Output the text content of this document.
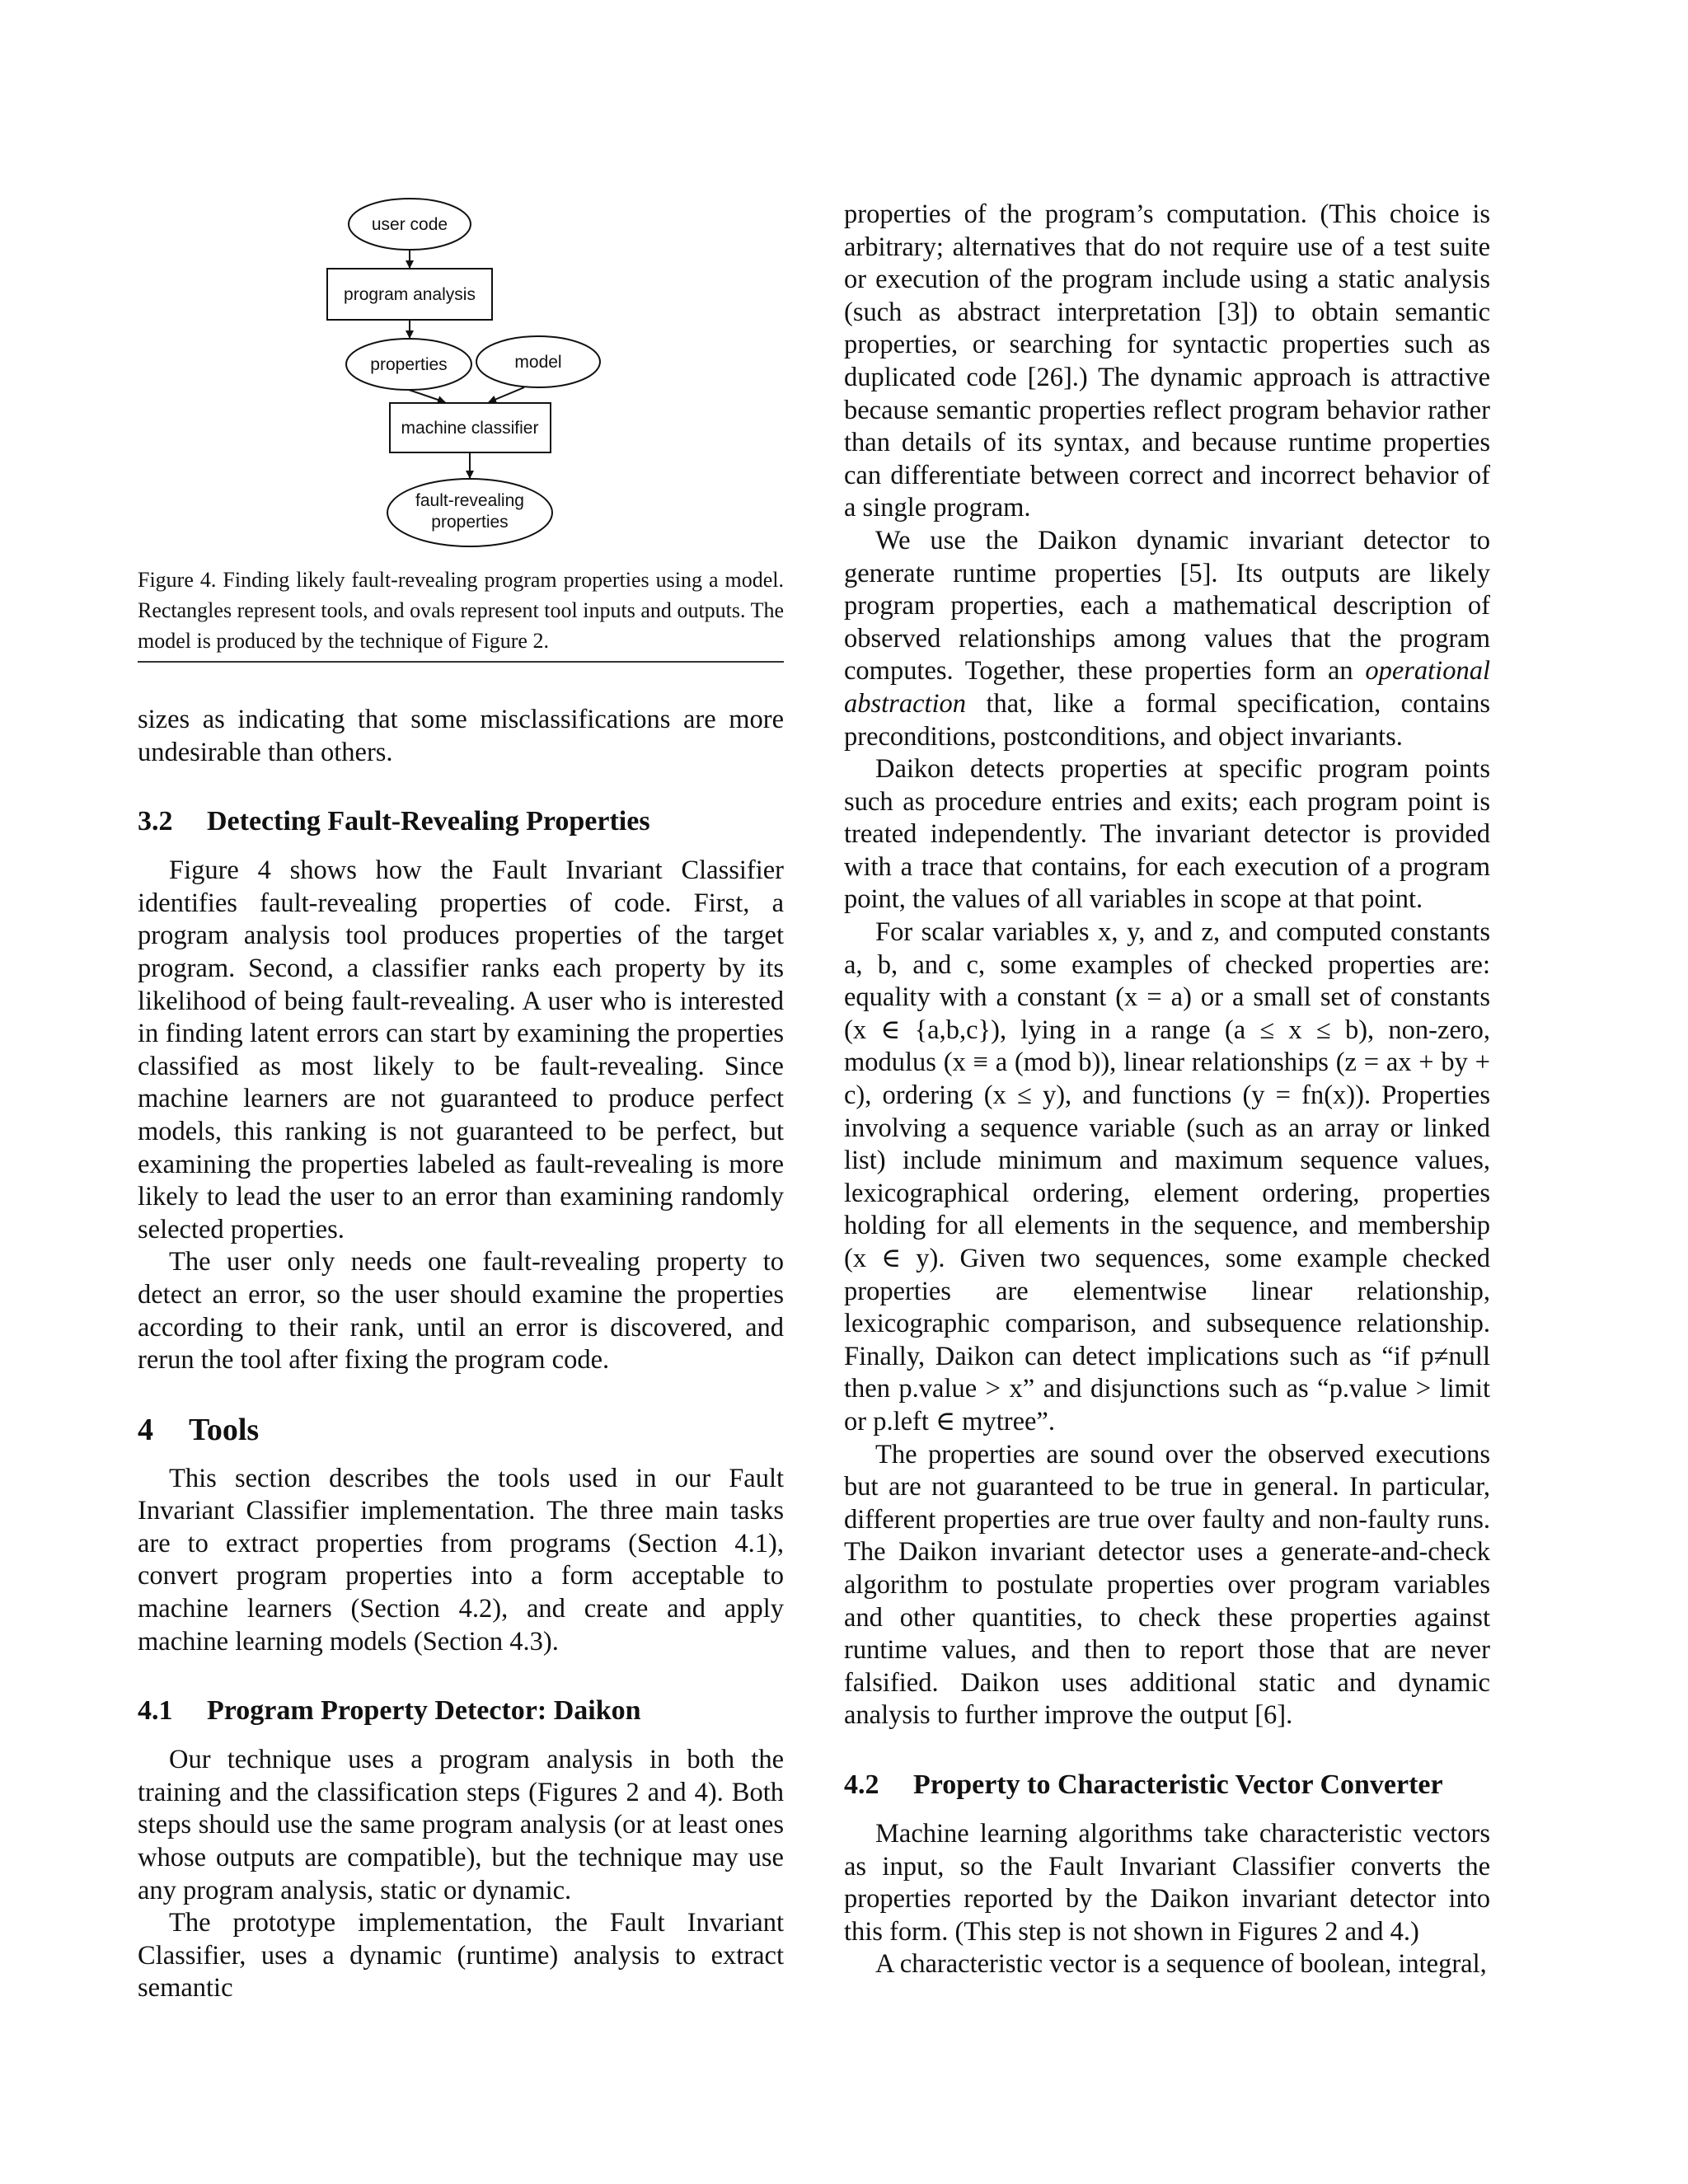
user code
program analysis
properties	model
machine classifier
fault-revealing
properties
Figure 4. Finding likely fault-revealing program properties using a model. Rectangles represent tools, and ovals represent tool inputs and outputs. The model is produced by the technique of Figure 2.

sizes as indicating that some misclassifications are more undesirable than others.

3.2 Detecting Fault-Revealing Properties

Figure 4 shows how the Fault Invariant Classifier identifies fault-revealing properties of code. First, a program analysis tool produces properties of the target program. Second, a classifier ranks each property by its likelihood of being fault-revealing. A user who is interested in finding latent errors can start by examining the properties classified as most likely to be fault-revealing. Since machine learners are not guaranteed to produce perfect models, this ranking is not guaranteed to be perfect, but examining the properties labeled as fault-revealing is more likely to lead the user to an error than examining randomly selected properties.

The user only needs one fault-revealing property to detect an error, so the user should examine the properties according to their rank, until an error is discovered, and rerun the tool after fixing the program code.

4 Tools

This section describes the tools used in our Fault Invariant Classifier implementation. The three main tasks are to extract properties from programs (Section 4.1), convert program properties into a form acceptable to machine learners (Section 4.2), and create and apply machine learning models (Section 4.3).

4.1 Program Property Detector: Daikon

Our technique uses a program analysis in both the training and the classification steps (Figures 2 and 4). Both steps should use the same program analysis (or at least ones whose outputs are compatible), but the technique may use any program analysis, static or dynamic.

The prototype implementation, the Fault Invariant Classifier, uses a dynamic (runtime) analysis to extract semantic

properties of the program’s computation. (This choice is arbitrary; alternatives that do not require use of a test suite or execution of the program include using a static analysis (such as abstract interpretation [3]) to obtain semantic properties, or searching for syntactic properties such as duplicated code [26].) The dynamic approach is attractive because semantic properties reflect program behavior rather than details of its syntax, and because runtime properties can differentiate between correct and incorrect behavior of a single program.

We use the Daikon dynamic invariant detector to generate runtime properties [5]. Its outputs are likely program properties, each a mathematical description of observed relationships among values that the program computes. Together, these properties form an operational abstraction that, like a formal specification, contains preconditions, postconditions, and object invariants.

Daikon detects properties at specific program points such as procedure entries and exits; each program point is treated independently. The invariant detector is provided with a trace that contains, for each execution of a program point, the values of all variables in scope at that point.

For scalar variables x, y, and z, and computed constants a, b, and c, some examples of checked properties are: equality with a constant (x = a) or a small set of constants (x ∈ {a,b,c}), lying in a range (a ≤ x ≤ b), non-zero, modulus (x ≡ a (mod b)), linear relationships (z = ax + by + c), ordering (x ≤ y), and functions (y = fn(x)). Properties involving a sequence variable (such as an array or linked list) include minimum and maximum sequence values, lexicographical ordering, element ordering, properties holding for all elements in the sequence, and membership (x ∈ y). Given two sequences, some example checked properties are elementwise linear relationship, lexicographic comparison, and subsequence relationship. Finally, Daikon can detect implications such as “if p≠null then p.value > x” and disjunctions such as “p.value > limit or p.left ∈ mytree”.

The properties are sound over the observed executions but are not guaranteed to be true in general. In particular, different properties are true over faulty and non-faulty runs. The Daikon invariant detector uses a generate-and-check algorithm to postulate properties over program variables and other quantities, to check these properties against runtime values, and then to report those that are never falsified. Daikon uses additional static and dynamic analysis to further improve the output [6].

4.2 Property to Characteristic Vector Converter

Machine learning algorithms take characteristic vectors as input, so the Fault Invariant Classifier converts the properties reported by the Daikon invariant detector into this form. (This step is not shown in Figures 2 and 4.)

A characteristic vector is a sequence of boolean, integral,
